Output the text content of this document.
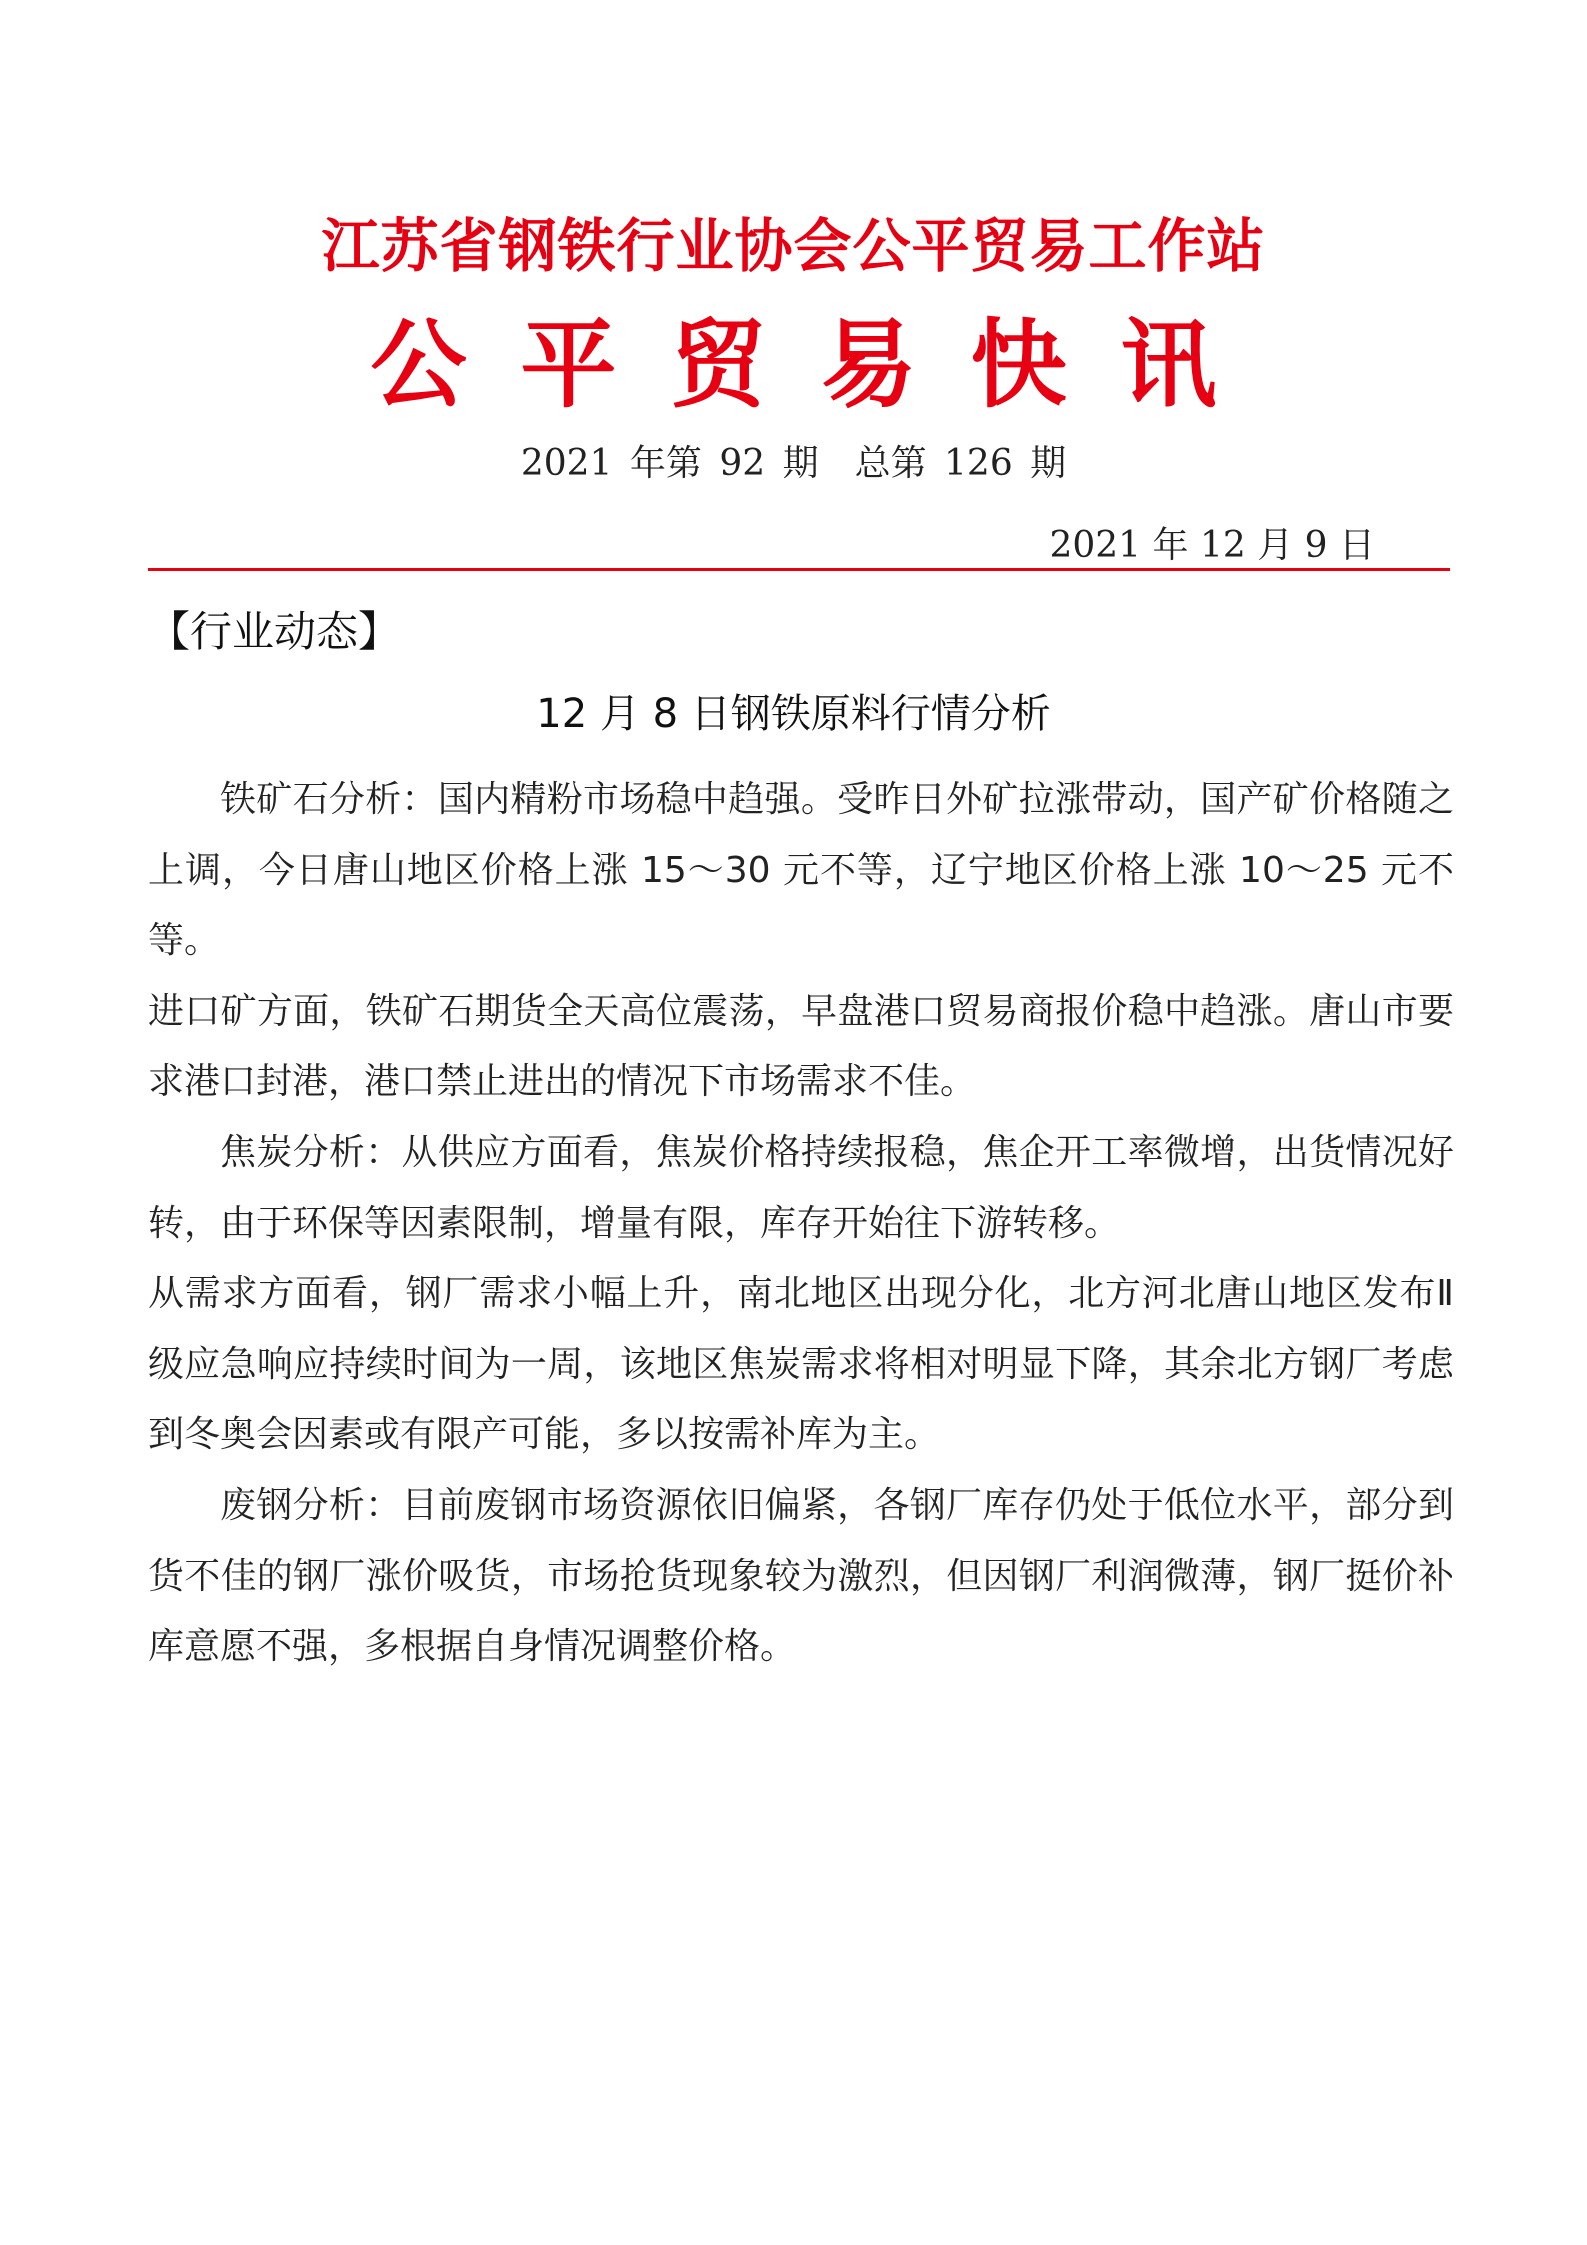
江苏省钢铁行业协会公平贸易工作站
公平贸易快讯
2021 年第 92 期　总第 126 期
2021 年 12 月 9 日
【行业动态】
12 月 8 日钢铁原料行情分析

铁矿石分析：国内精粉市场稳中趋强。受昨日外矿拉涨带动，国产矿价格随之上调，今日唐山地区价格上涨 15～30 元不等，辽宁地区价格上涨 10～25 元不等。

进口矿方面，铁矿石期货全天高位震荡，早盘港口贸易商报价稳中趋涨。唐山市要求港口封港，港口禁止进出的情况下市场需求不佳。

焦炭分析：从供应方面看，焦炭价格持续报稳，焦企开工率微增，出货情况好转，由于环保等因素限制，增量有限，库存开始往下游转移。

从需求方面看，钢厂需求小幅上升，南北地区出现分化，北方河北唐山地区发布Ⅱ级应急响应持续时间为一周，该地区焦炭需求将相对明显下降，其余北方钢厂考虑到冬奥会因素或有限产可能，多以按需补库为主。

废钢分析：目前废钢市场资源依旧偏紧，各钢厂库存仍处于低位水平，部分到货不佳的钢厂涨价吸货，市场抢货现象较为激烈，但因钢厂利润微薄，钢厂挺价补库意愿不强，多根据自身情况调整价格。
